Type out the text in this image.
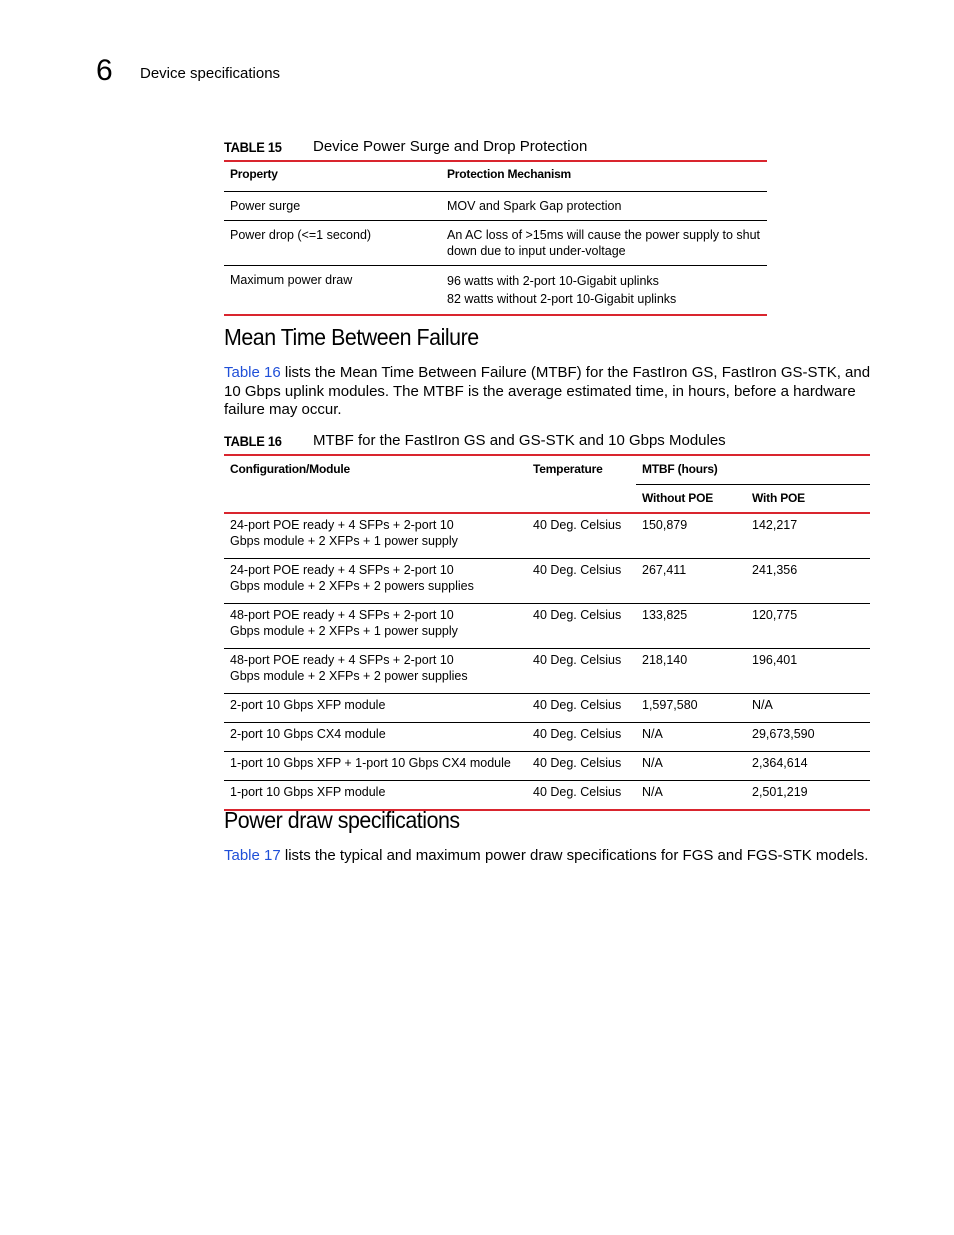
6 Device specifications
TABLE 15 Device Power Surge and Drop Protection
Property	Protection Mechanism
Power surge	MOV and Spark Gap protection
Power drop (<=1 second)	An AC loss of >15ms will cause the power supply to shut down due to input under-voltage
Maximum power draw	96 watts with 2-port 10-Gigabit uplinks
82 watts without 2-port 10-Gigabit uplinks
Mean Time Between Failure
Table 16 lists the Mean Time Between Failure (MTBF) for the FastIron GS, FastIron GS-STK, and 10 Gbps uplink modules. The MTBF is the average estimated time, in hours, before a hardware failure may occur.
TABLE 16 MTBF for the FastIron GS and GS-STK and 10 Gbps Modules
Configuration/Module	Temperature	MTBF (hours)	
		Without POE	With POE
24-port POE ready + 4 SFPs + 2-port 10 Gbps module + 2 XFPs + 1 power supply	40 Deg. Celsius	150,879	142,217
24-port POE ready + 4 SFPs + 2-port 10 Gbps module + 2 XFPs + 2 powers supplies	40 Deg. Celsius	267,411	241,356
48-port POE ready + 4 SFPs + 2-port 10 Gbps module + 2 XFPs + 1 power supply	40 Deg. Celsius	133,825	120,775
48-port POE ready + 4 SFPs + 2-port 10 Gbps module + 2 XFPs + 2 power supplies	40 Deg. Celsius	218,140	196,401
2-port 10 Gbps XFP module	40 Deg. Celsius	1,597,580	N/A
2-port 10 Gbps CX4 module	40 Deg. Celsius	N/A	29,673,590
1-port 10 Gbps XFP + 1-port 10 Gbps CX4 module	40 Deg. Celsius	N/A	2,364,614
1-port 10 Gbps XFP module	40 Deg. Celsius	N/A	2,501,219
Power draw specifications
Table 17 lists the typical and maximum power draw specifications for FGS and FGS-STK models.
